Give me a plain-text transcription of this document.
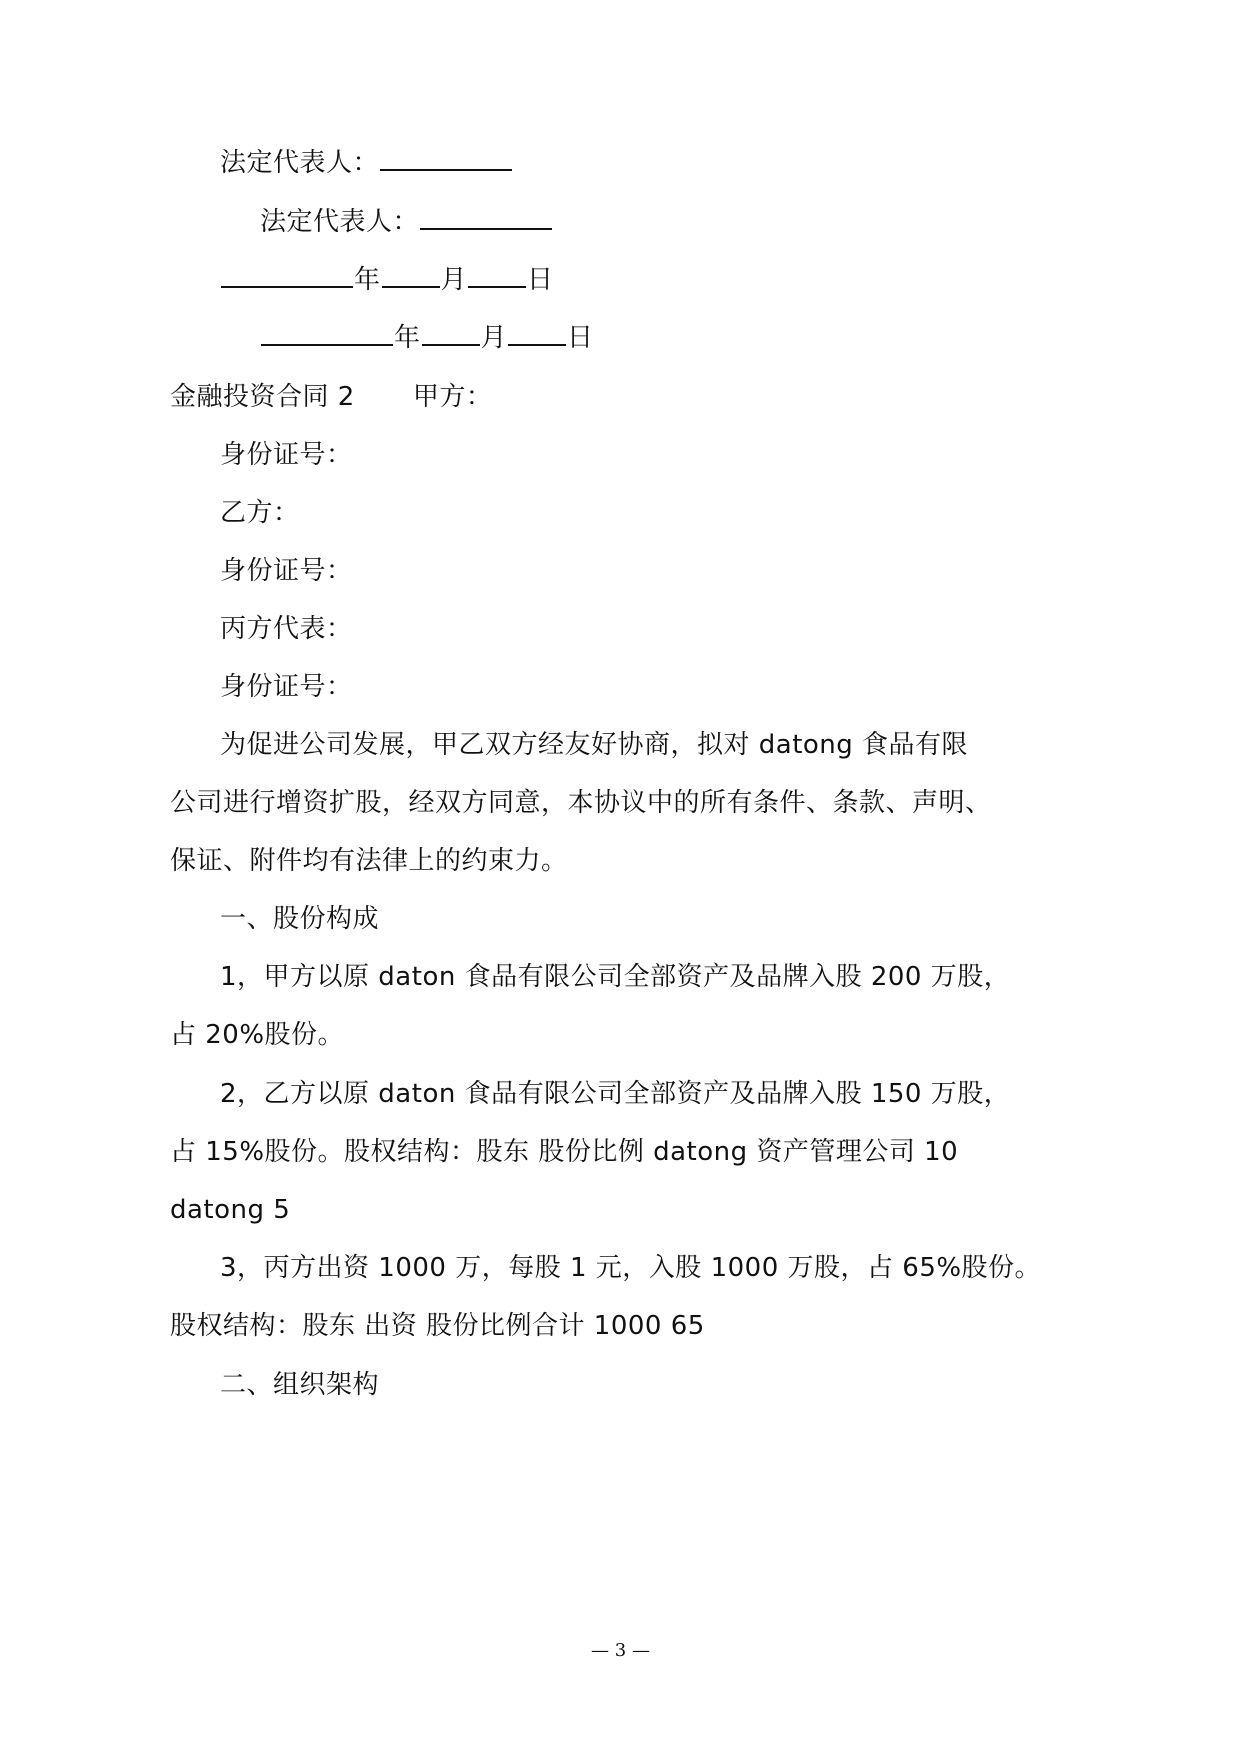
法定代表人：
法定代表人：
年 月 日
年 月 日
金融投资合同 2 甲方：
身份证号：
乙方：
身份证号：
丙方代表：
身份证号：
为促进公司发展，甲乙双方经友好协商，拟对 datong 食品有限
公司进行增资扩股，经双方同意，本协议中的所有条件、条款、声明、
保证、附件均有法律上的约束力。
一、股份构成
1，甲方以原 daton 食品有限公司全部资产及品牌入股 200 万股，
占 20%股份。
2，乙方以原 daton 食品有限公司全部资产及品牌入股 150 万股，
占 15%股份。股权结构：股东 股份比例 datong 资产管理公司 10
datong 5
3，丙方出资 1000 万，每股 1 元，入股 1000 万股，占 65%股份。
股权结构：股东 出资 股份比例合计 1000 65
二、组织架构
— 3 —
